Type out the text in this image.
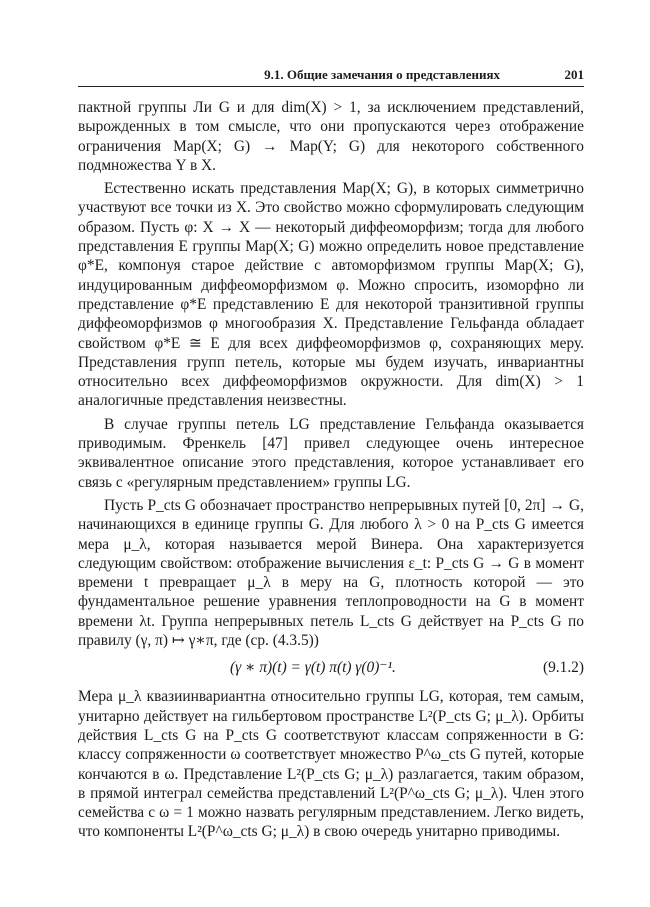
9.1. Общие замечания о представлениях	201

пактной группы Ли G и для dim(X) > 1, за исключением представлений, вырожденных в том смысле, что они пропускаются через отображение ограничения Map(X; G) → Map(Y; G) для некоторого собственного подмножества Y в X.

Естественно искать представления Map(X; G), в которых симметрично участвуют все точки из X. Это свойство можно сформулировать следующим образом. Пусть φ: X → X — некоторый диффеоморфизм; тогда для любого представления E группы Map(X; G) можно определить новое представление φ*E, компонуя старое действие с автоморфизмом группы Map(X; G), индуцированным диффеоморфизмом φ. Можно спросить, изоморфно ли представление φ*E представлению E для некоторой транзитивной группы диффеоморфизмов φ многообразия X. Представление Гельфанда обладает свойством φ*E ≅ E для всех диффеоморфизмов φ, сохраняющих меру. Представления групп петель, которые мы будем изучать, инвариантны относительно всех диффеоморфизмов окружности. Для dim(X) > 1 аналогичные представления неизвестны.

В случае группы петель LG представление Гельфанда оказывается приводимым. Френкель [47] привел следующее очень интересное эквивалентное описание этого представления, которое устанавливает его связь с «регулярным представлением» группы LG.

Пусть P_cts G обозначает пространство непрерывных путей [0, 2π] → G, начинающихся в единице группы G. Для любого λ > 0 на P_cts G имеется мера μ_λ, которая называется мерой Винера. Она характеризуется следующим свойством: отображение вычисления ε_t: P_cts G → G в момент времени t превращает μ_λ в меру на G, плотность которой — это фундаментальное решение уравнения теплопроводности на G в момент времени λt. Группа непрерывных петель L_cts G действует на P_cts G по правилу (γ, π) ↦ γ∗π, где (ср. (4.3.5))

(γ ∗ π)(t) = γ(t) π(t) γ(0)⁻¹.	(9.1.2)

Мера μ_λ квазиинвариантна относительно группы LG, которая, тем самым, унитарно действует на гильбертовом пространстве L²(P_cts G; μ_λ). Орбиты действия L_cts G на P_cts G соответствуют классам сопряженности в G: классу сопряженности ω соответствует множество P^ω_cts G путей, которые кончаются в ω. Представление L²(P_cts G; μ_λ) разлагается, таким образом, в прямой интеграл семейства представлений L²(P^ω_cts G; μ_λ). Член этого семейства с ω = 1 можно назвать регулярным представлением. Легко видеть, что компоненты L²(P^ω_cts G; μ_λ) в свою очередь унитарно приводимы.
